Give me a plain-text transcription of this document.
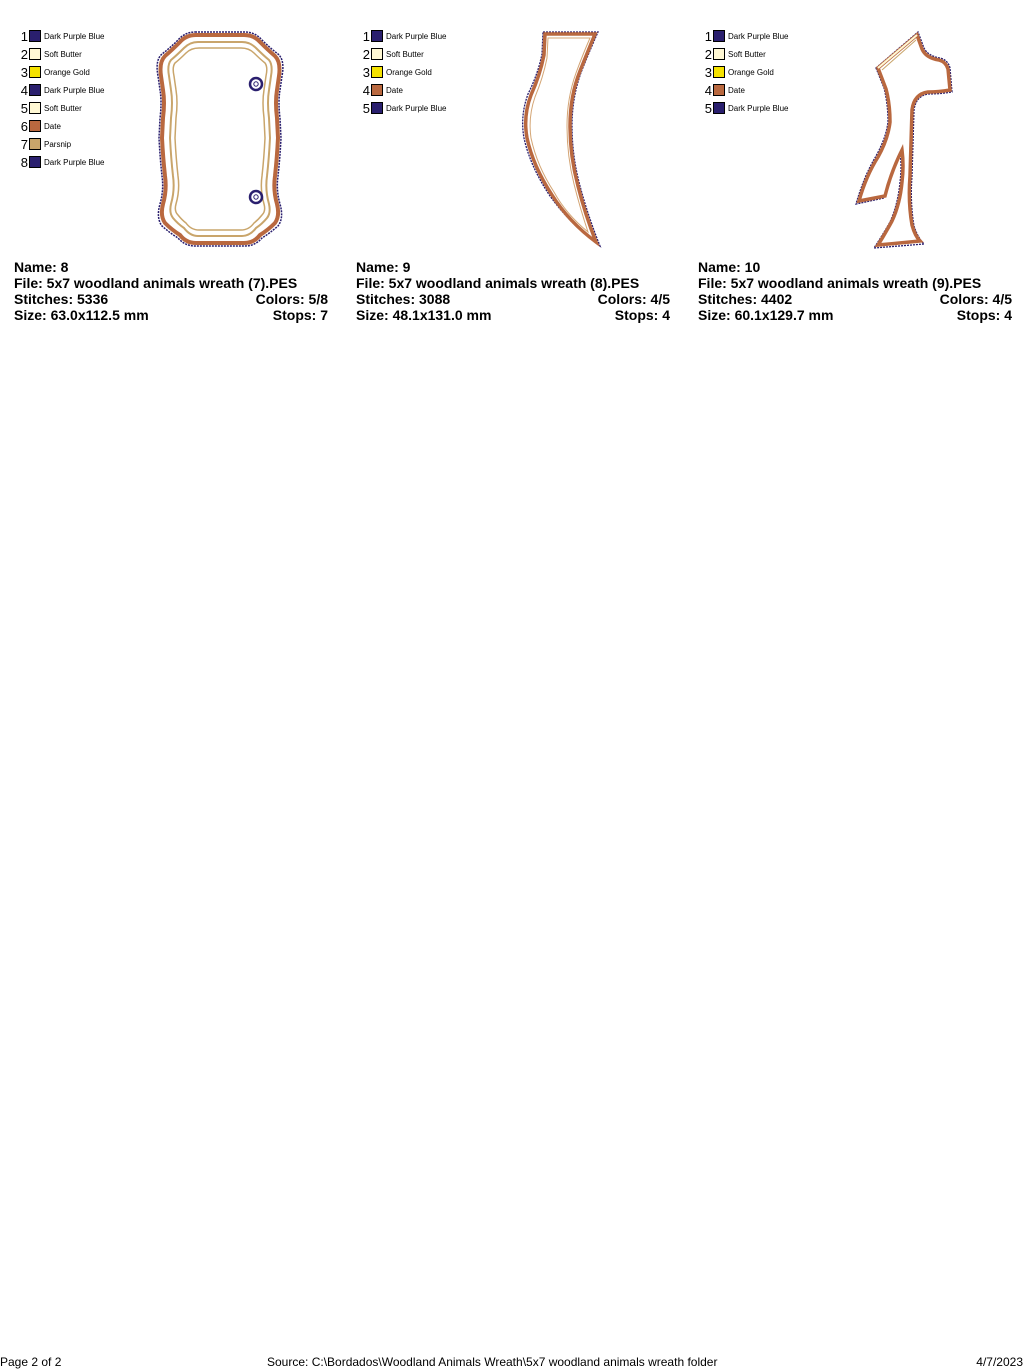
1 Dark Purple Blue
2 Soft Butter
3 Orange Gold
4 Dark Purple Blue
5 Soft Butter
6 Date
7 Parsnip
8 Dark Purple Blue
Name: 8
File: 5x7 woodland animals wreath (7).PES
Stitches: 5336	Colors: 5/8
Size: 63.0x112.5 mm	Stops: 7
1 Dark Purple Blue
2 Soft Butter
3 Orange Gold
4 Date
5 Dark Purple Blue
Name: 9
File: 5x7 woodland animals wreath (8).PES
Stitches: 3088	Colors: 4/5
Size: 48.1x131.0 mm	Stops: 4
1 Dark Purple Blue
2 Soft Butter
3 Orange Gold
4 Date
5 Dark Purple Blue
Name: 10
File: 5x7 woodland animals wreath (9).PES
Stitches: 4402	Colors: 4/5
Size: 60.1x129.7 mm	Stops: 4
Page 2 of 2	Source: C:\Bordados\Woodland Animals Wreath\5x7 woodland animals wreath folder	4/7/2023
